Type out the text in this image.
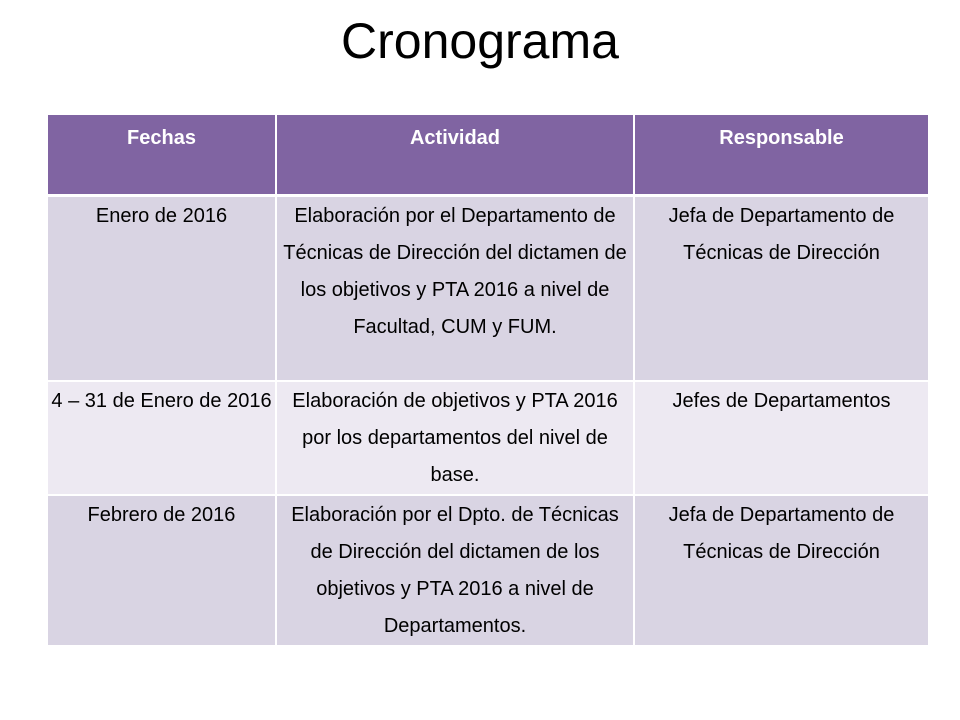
Cronograma
Fechas	Actividad	Responsable
Enero de 2016	Elaboración por el Departamento de Técnicas de Dirección del dictamen de los objetivos y PTA 2016 a nivel de Facultad, CUM y FUM.	Jefa de Departamento de Técnicas de Dirección
4 – 31 de Enero de 2016	Elaboración de objetivos y PTA 2016 por los departamentos del nivel de base.	Jefes de Departamentos
Febrero de 2016	Elaboración por el Dpto. de Técnicas de Dirección del dictamen de los objetivos y PTA 2016 a nivel de Departamentos.	Jefa de Departamento de Técnicas de Dirección
